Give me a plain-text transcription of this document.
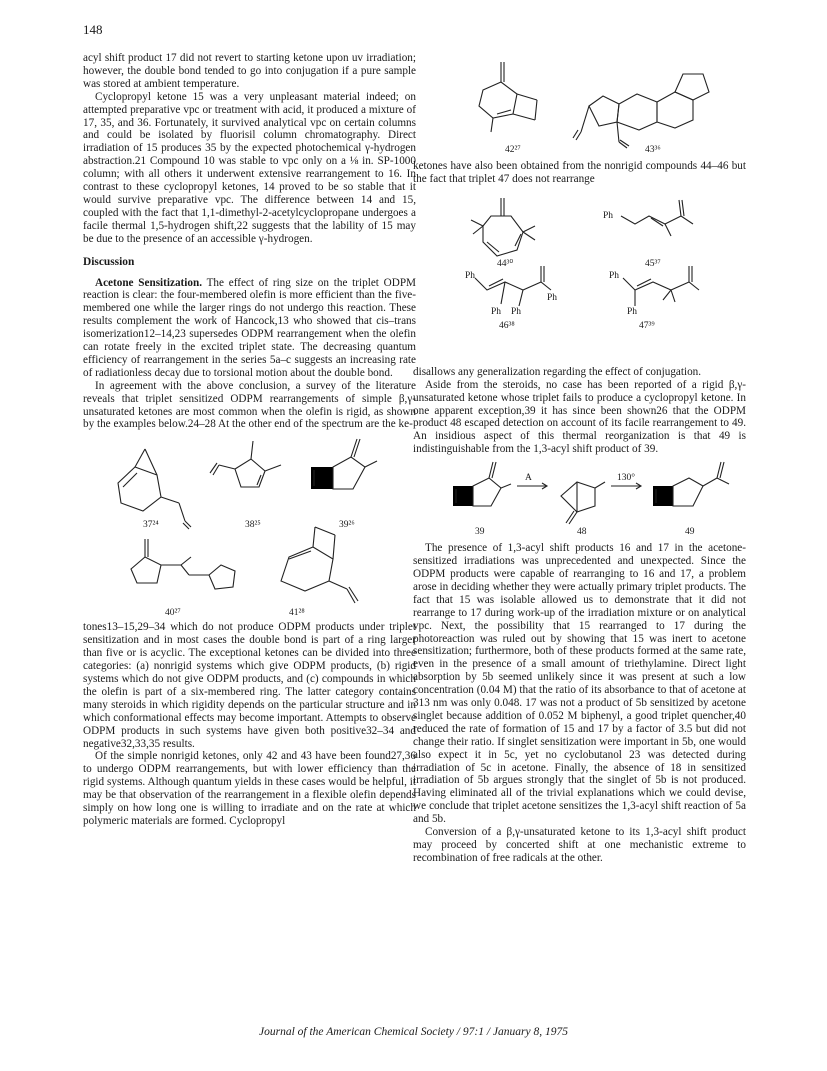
148

acyl shift product 17 did not revert to starting ketone upon uv irradiation; however, the double bond tended to go into conjugation if a pure sample was stored at ambient temperature.

Cyclopropyl ketone 15 was a very unpleasant material indeed; on attempted preparative vpc or treatment with acid, it produced a mixture of 17, 35, and 36. Fortunately, it survived analytical vpc on certain columns and could be isolated by fluorisil column chromatography. Direct irradiation of 15 produces 35 by the expected photochemical γ-hydrogen abstraction.21 Compound 10 was stable to vpc only on a ⅛ in. SP-1000 column; with all others it underwent extensive rearrangement to 16. In contrast to these cyclopropyl ketones, 14 proved to be so stable that it would survive preparative vpc. The difference between 14 and 15, coupled with the fact that 1,1-dimethyl-2-acetylcyclopropane undergoes a facile thermal 1,5-hydrogen shift,22 suggests that the lability of 15 may be due to the presence of an accessible γ-hydrogen.

Discussion

Acetone Sensitization. The effect of ring size on the triplet ODPM reaction is clear: the four-membered olefin is more efficient than the five-membered one while the larger rings do not undergo this reaction. These results complement the work of Hancock,13 who showed that cis–trans isomerization12–14,23 supersedes ODPM rearrangement when the olefin can rotate freely in the excited triplet state. The decreasing quantum efficiency of rearrangement in the series 5a–c suggests an increasing rate of radiationless decay due to torsional motion about the double bond.

In agreement with the above conclusion, a survey of the literature reveals that triplet sensitized ODPM rearrangements of simple β,γ-unsaturated ketones are most common when the olefin is rigid, as shown by the examples below.24–28 At the other end of the spectrum are the ke-

37²⁴	38²⁵	39²⁶
40²⁷	41²⁸

tones13–15,29–34 which do not produce ODPM products under triplet sensitization and in most cases the double bond is part of a ring larger than five or is acyclic. The exceptional ketones can be divided into three categories: (a) nonrigid systems which give ODPM products, (b) rigid systems which do not give ODPM products, and (c) compounds in which the olefin is part of a six-membered ring. The latter category contains many steroids in which rigidity depends on the particular structure and in which conformational effects may become important. Attempts to observe ODPM products in such systems have given both positive32–34 and negative32,33,35 results.

Of the simple nonrigid ketones, only 42 and 43 have been found27,36 to undergo ODPM rearrangements, but with lower efficiency than the rigid systems. Although quantum yields in these cases would be helpful, it may be that observation of the rearrangement in a flexible olefin depends simply on how long one is willing to irradiate and on the rate at which polymeric materials are formed. Cyclopropyl

42²⁷	43³⁶

ketones have also been obtained from the nonrigid compounds 44–46 but the fact that triplet 47 does not rearrange

Ph
Ph
Ph
Ph Ph
Ph
Ph
44³⁰	45³⁷
46³⁸	47³⁹

disallows any generalization regarding the effect of conjugation.

Aside from the steroids, no case has been reported of a rigid β,γ-unsaturated ketone whose triplet fails to produce a cyclopropyl ketone. In one apparent exception,39 it has since been shown26 that the ODPM product 48 escaped detection on account of its facile rearrangement to 49. An insidious aspect of this thermal reorganization is that 49 is indistinguishable from the 1,3-acyl shift product of 39.

A	130°
39	48	49

The presence of 1,3-acyl shift products 16 and 17 in the acetone-sensitized irradiations was unprecedented and unexpected. Since the ODPM products were capable of rearranging to 16 and 17, a problem arose in deciding whether they were actually primary triplet products. The fact that 15 was isolable allowed us to demonstrate that it did not rearrange to 17 during work-up of the irradiation mixture or on analytical vpc. Next, the possibility that 15 rearranged to 17 during the photoreaction was ruled out by showing that 15 was inert to acetone sensitization; furthermore, both of these products formed at the same rate, even in the presence of a small amount of triethylamine. Direct light absorption by 5b seemed unlikely since it was present at such a low concentration (0.04 M) that the ratio of its absorbance to that of acetone at 313 nm was only 0.048. 17 was not a product of 5b sensitized by acetone singlet because addition of 0.052 M biphenyl, a good triplet quencher,40 reduced the rate of formation of 15 and 17 by a factor of 3.5 but did not change their ratio. If singlet sensitization were important in 5b, one would also expect it in 5c, yet no cyclobutanol 23 was detected during irradiation of 5c in acetone. Finally, the absence of 18 in sensitized irradiation of 5b argues strongly that the singlet of 5b is not produced. Having eliminated all of the trivial explanations which we could devise, we conclude that triplet acetone sensitizes the 1,3-acyl shift reaction of 5a and 5b.

Conversion of a β,γ-unsaturated ketone to its 1,3-acyl shift product may proceed by concerted shift at one mechanistic extreme to recombination of free radicals at the other.

Journal of the American Chemical Society / 97:1 / January 8, 1975
